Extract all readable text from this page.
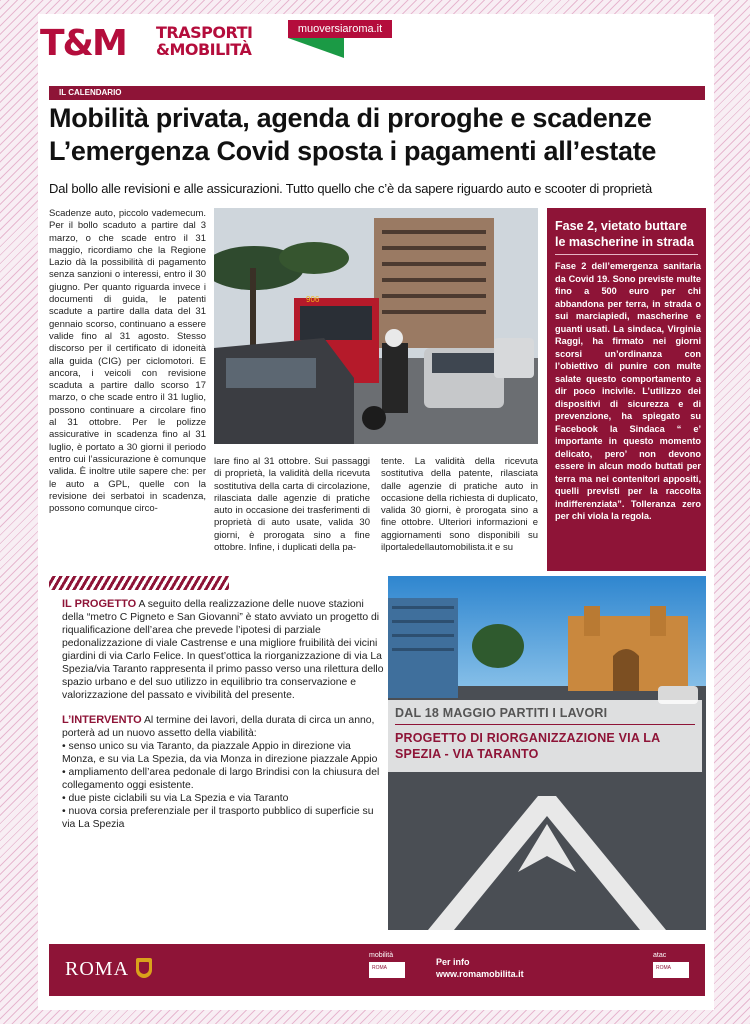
T&M TRASPORTI
&MOBILITÀ
muoversiaroma.it
IL CALENDARIO
Mobilità privata, agenda di proroghe e scadenze
L’emergenza Covid sposta i pagamenti all’estate
Dal bollo alle revisioni e alle assicurazioni. Tutto quello che c’è da sapere riguardo auto e scooter di proprietà
Scadenze auto, piccolo vademecum. Per il bollo scaduto a partire dal 3 marzo, o che scade entro il 31 maggio, ricordiamo che la Regione Lazio dà la possibilità di pagamento senza sanzioni o interessi, entro il 30 giugno. Per quanto riguarda invece i documenti di guida, le patenti scadute a partire dalla data del 31 gennaio scorso, continuano a essere valide fino al 31 agosto. Stesso discorso per il certificato di idoneità alla guida (CIG) per ciclomotori. E ancora, i veicoli con revisione scaduta a partire dallo scorso 17 marzo, o che scade entro il 31 luglio, possono continuare a circolare fino al 31 ottobre. Per le polizze assicurative in scadenza fino al 31 luglio, è portato a 30 giorni il periodo entro cui l’assicurazione è comunque valida. È inoltre utile sapere che: per le auto a GPL, quelle con la revisione dei serbatoi in scadenza, possono comunque circo-
906
lare fino al 31 ottobre. Sui passaggi di proprietà, la validità della ricevuta sostitutiva della carta di circolazione, rilasciata dalle agenzie di pratiche auto in occasione dei trasferimenti di proprietà di auto usate, valida 30 giorni, è prorogata sino a fine ottobre. Infine, i duplicati della pa-
tente. La validità della ricevuta sostitutiva della patente, rilasciata dalle agenzie di pratiche auto in occasione della richiesta di duplicato, valida 30 giorni, è prorogata sino a fine ottobre. Ulteriori informazioni e aggiornamenti sono disponibili su ilportaledellautomobilista.it e su
Fase 2, vietato buttare le mascherine in strada
Fase 2 dell’emergenza sanitaria da Covid 19. Sono previste multe fino a 500 euro per chi abbandona per terra, in strada o sui marciapiedi, mascherine e guanti usati. La sindaca, Virginia Raggi, ha firmato nei giorni scorsi un’ordinanza con l’obiettivo di punire con multe salate questo comportamento a dir poco incivile. L’utilizzo dei dispositivi di sicurezza e di prevenzione, ha spiegato su Facebook la Sindaca “ e’ importante in questo momento delicato, pero’ non devono essere in alcun modo buttati per terra ma nei contenitori appositi, quelli previsti per la raccolta indifferenziata”. Tolleranza zero per chi viola la regola.

IL PROGETTO A seguito della realizzazione delle nuove stazioni della “metro C Pigneto e San Giovanni” è stato avviato un progetto di riqualificazione dell’area che prevede l’ipotesi di parziale pedonalizzazione di viale Castrense e una migliore fruibilità dei vicini giardini di via Carlo Felice. In quest’ottica la riorganizzazione di via La Spezia/via Taranto rappresenta il primo passo verso una rilettura dello spazio urbano e del suo utilizzo in equilibrio tra conservazione e valorizzazione del passato e vivibilità del presente.

L’INTERVENTO Al termine dei lavori, della durata di circa un anno, porterà ad un nuovo assetto della viabilità:

• senso unico su via Taranto, da piazzale Appio in direzione via Monza, e su via La Spezia, da via Monza in direzione piazzale Appio
• ampliamento dell’area pedonale di largo Brindisi con la chiusura del collegamento oggi esistente.
• due piste ciclabili su via La Spezia e via Taranto
• nuova corsia preferenziale per il trasporto pubblico di superficie su via La Spezia
DAL 18 MAGGIO PARTITI I LAVORI
PROGETTO DI RIORGANIZZAZIONE VIA LA SPEZIA - VIA TARANTO
ROMA
mobilità
ROMA
Per info
www.romamobilita.it
atac
ROMA
